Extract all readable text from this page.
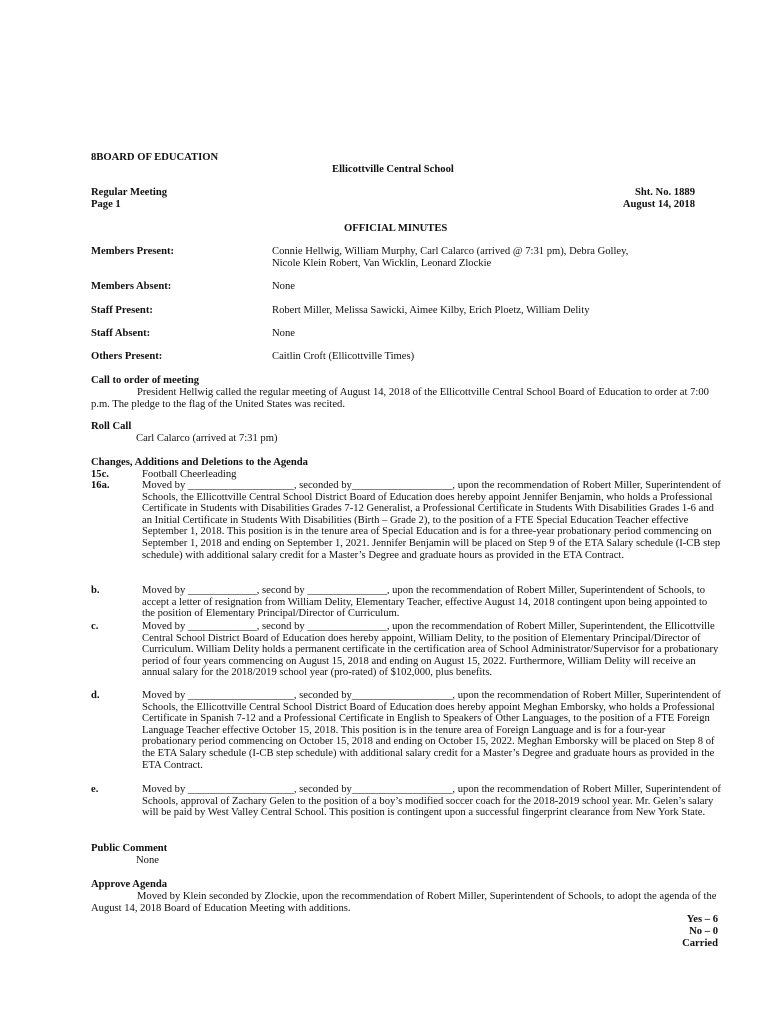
8BOARD OF EDUCATION
Ellicottville Central School
Regular Meeting
Page 1
Sht. No. 1889
August 14, 2018
OFFICIAL MINUTES
Members Present:	Connie Hellwig, William Murphy, Carl Calarco (arrived @ 7:31 pm), Debra Golley,
Nicole Klein Robert, Van Wicklin, Leonard Zlockie
Members Absent:	None
Staff Present:	Robert Miller, Melissa Sawicki, Aimee Kilby, Erich Ploetz, William Delity
Staff Absent:	None
Others Present:	Caitlin Croft (Ellicottville Times)
Call to order of meeting
President Hellwig called the regular meeting of August 14, 2018 of the Ellicottville Central School Board of Education to order at 7:00 p.m. The pledge to the flag of the United States was recited.
Roll Call
Carl Calarco (arrived at 7:31 pm)
Changes, Additions and Deletions to the Agenda
15c.	Football Cheerleading
16a.	Moved by ____________________, seconded by___________________, upon the recommendation of Robert Miller, Superintendent of Schools, the Ellicottville Central School District Board of Education does hereby appoint Jennifer Benjamin, who holds a Professional Certificate in Students with Disabilities Grades 7-12 Generalist, a Professional Certificate in Students With Disabilities Grades 1-6 and an Initial Certificate in Students With Disabilities (Birth – Grade 2), to the position of a FTE Special Education Teacher effective September 1, 2018. This position is in the tenure area of Special Education and is for a three-year probationary period commencing on September 1, 2018 and ending on September 1, 2021. Jennifer Benjamin will be placed on Step 9 of the ETA Salary schedule (I-CB step schedule) with additional salary credit for a Master’s Degree and graduate hours as provided in the ETA Contract.
b.	Moved by _____________, second by _______________, upon the recommendation of Robert Miller, Superintendent of Schools, to accept a letter of resignation from William Delity, Elementary Teacher, effective August 14, 2018 contingent upon being appointed to the position of Elementary Principal/Director of Curriculum.
c.	Moved by _____________, second by _______________, upon the recommendation of Robert Miller, Superintendent, the Ellicottville Central School District Board of Education does hereby appoint, William Delity, to the position of Elementary Principal/Director of Curriculum. William Delity holds a permanent certificate in the certification area of School Administrator/Supervisor for a probationary period of four years commencing on August 15, 2018 and ending on August 15, 2022. Furthermore, William Delity will receive an annual salary for the 2018/2019 school year (pro-rated) of $102,000, plus benefits.
d.	Moved by ____________________, seconded by___________________, upon the recommendation of Robert Miller, Superintendent of Schools, the Ellicottville Central School District Board of Education does hereby appoint Meghan Emborsky, who holds a Professional Certificate in Spanish 7-12 and a Professional Certificate in English to Speakers of Other Languages, to the position of a FTE Foreign Language Teacher effective October 15, 2018. This position is in the tenure area of Foreign Language and is for a four-year probationary period commencing on October 15, 2018 and ending on October 15, 2022. Meghan Emborsky will be placed on Step 8 of the ETA Salary schedule (I-CB step schedule) with additional salary credit for a Master’s Degree and graduate hours as provided in the ETA Contract.
e.	Moved by ____________________, seconded by___________________, upon the recommendation of Robert Miller, Superintendent of Schools, approval of Zachary Gelen to the position of a boy’s modified soccer coach for the 2018-2019 school year. Mr. Gelen’s salary will be paid by West Valley Central School. This position is contingent upon a successful fingerprint clearance from New York State.
Public Comment
None
Approve Agenda
Moved by Klein seconded by Zlockie, upon the recommendation of Robert Miller, Superintendent of Schools, to adopt the agenda of the August 14, 2018 Board of Education Meeting with additions.
Yes – 6
No – 0
Carried
